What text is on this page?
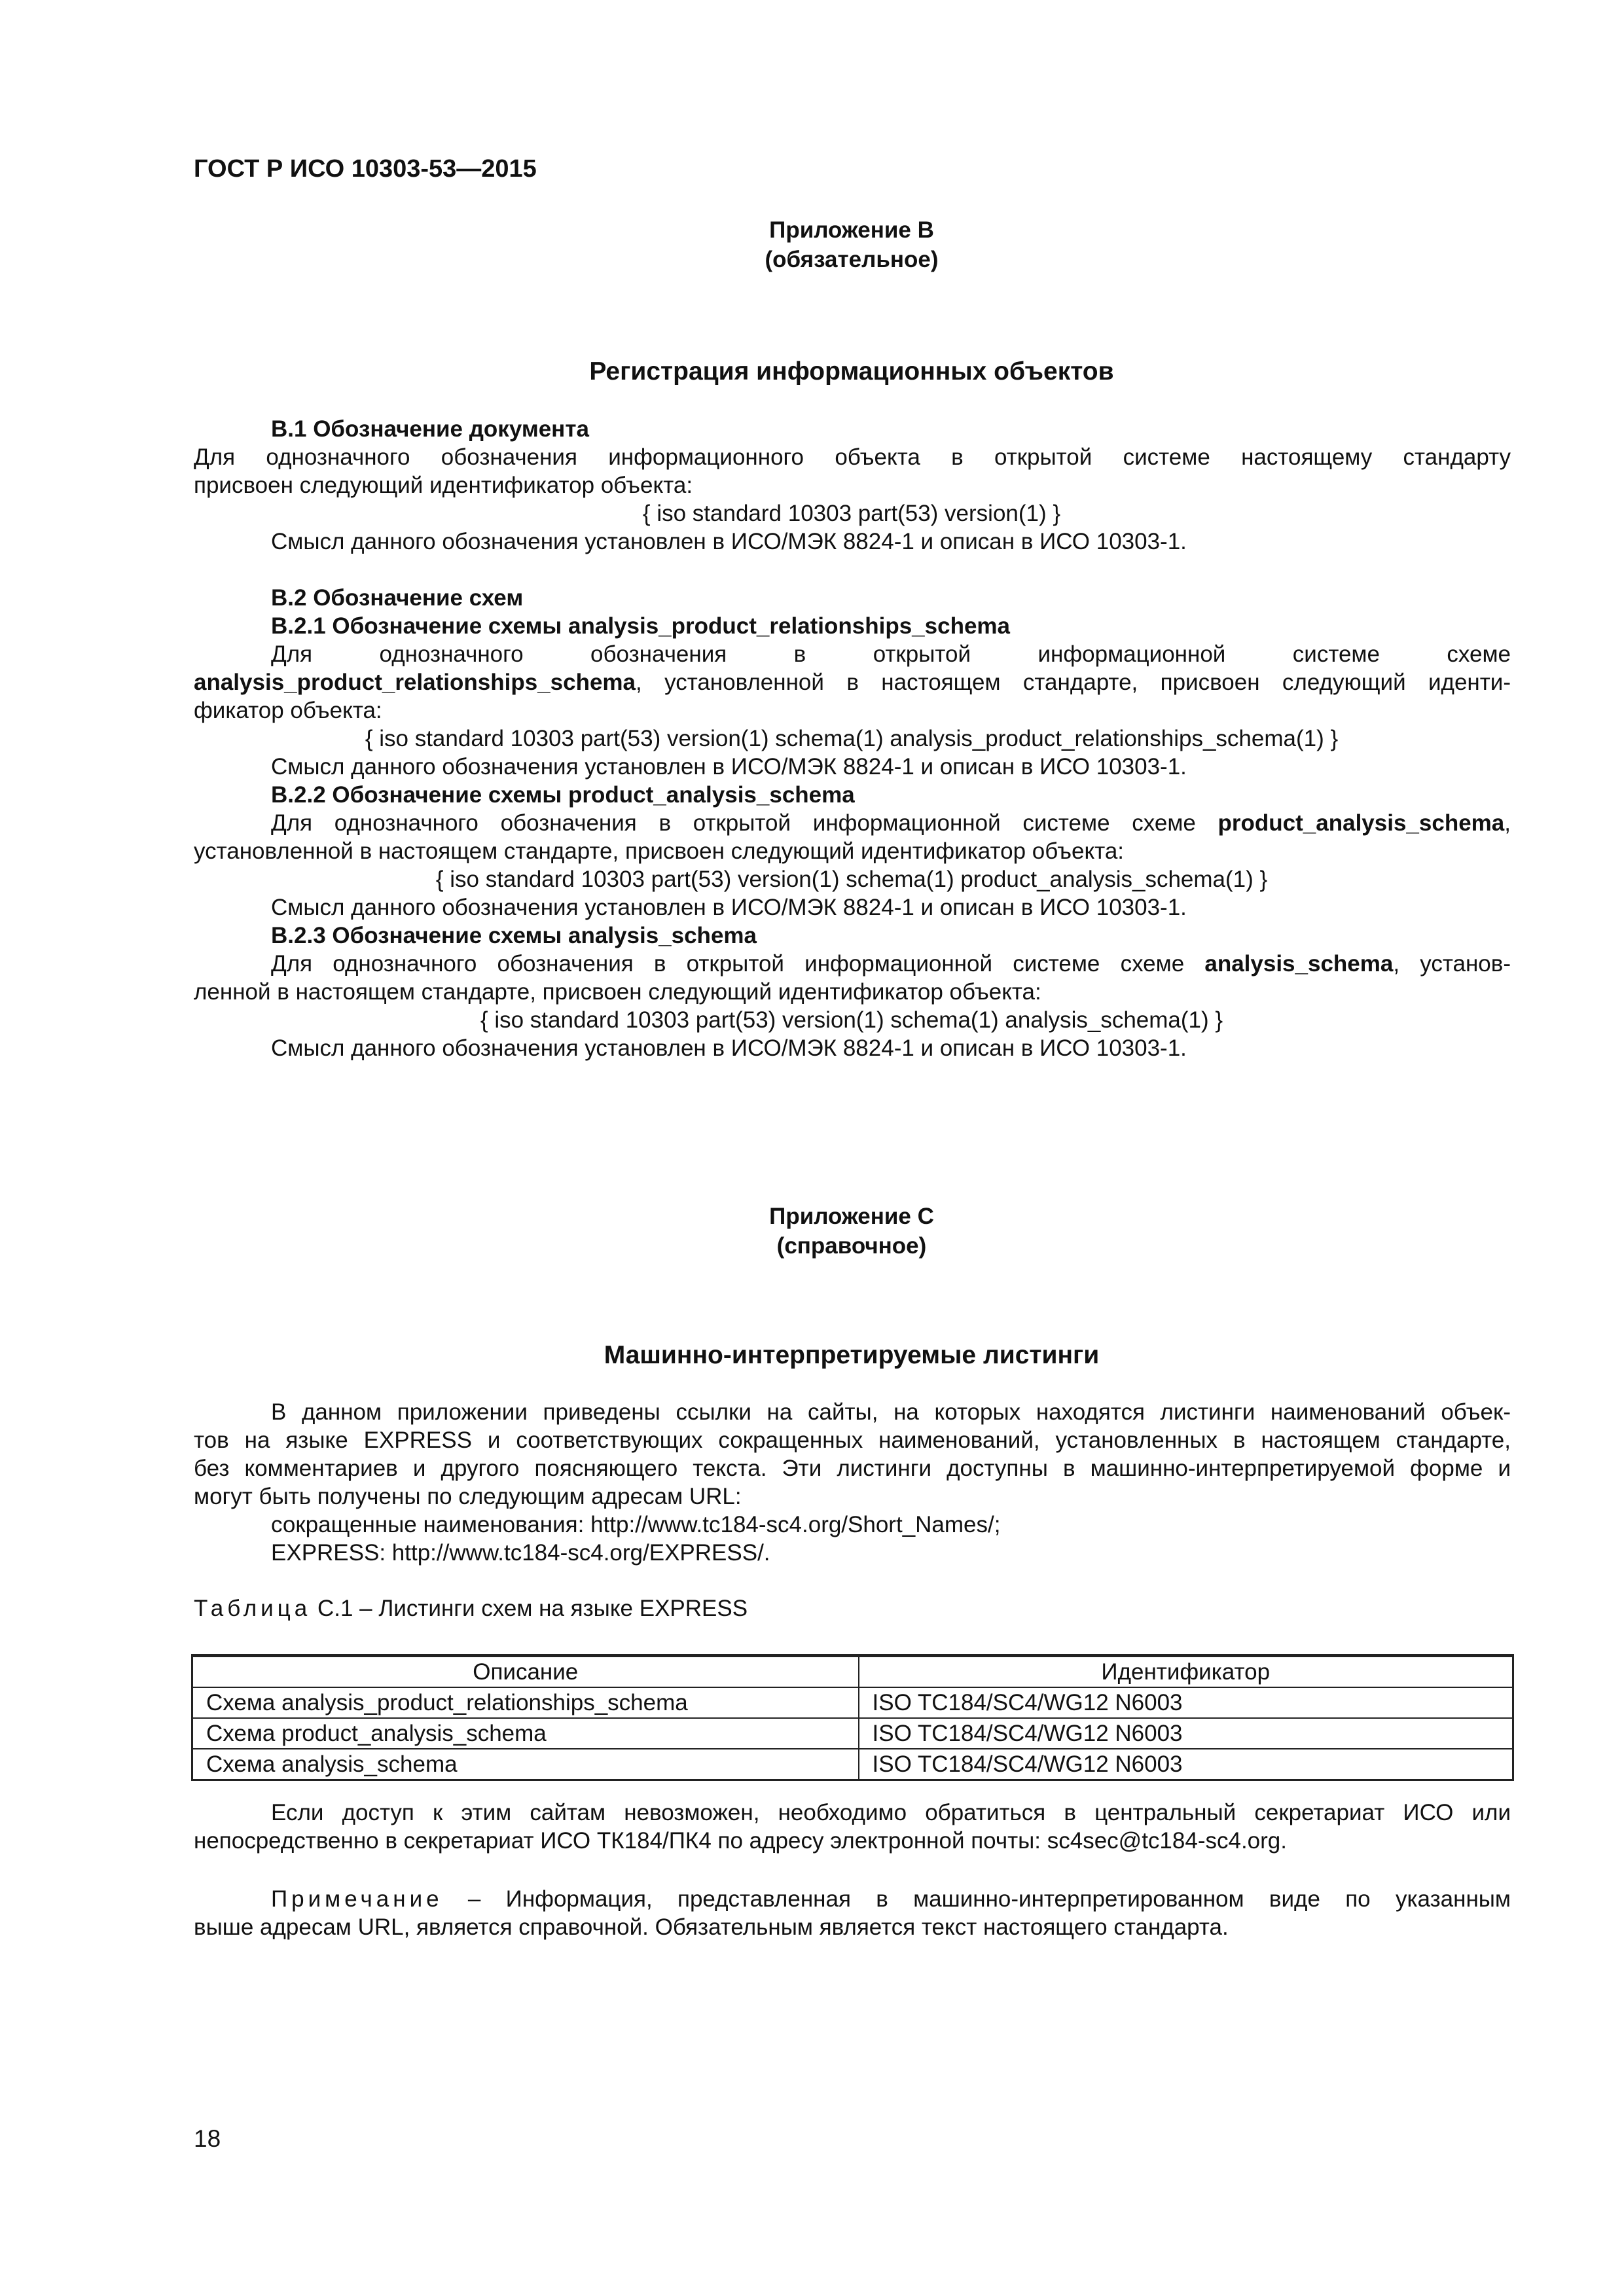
ГОСТ Р ИСО 10303-53—2015
Приложение В
(обязательное)
Регистрация информационных объектов
В.1 Обозначение документа
Для однозначного обозначения информационного объекта в открытой системе настоящему стандарту
присвоен следующий идентификатор объекта:
{ iso standard 10303 part(53) version(1) }
Смысл данного обозначения установлен в ИСО/МЭК 8824-1 и описан в ИСО 10303-1.
В.2 Обозначение схем
В.2.1 Обозначение схемы analysis_product_relationships_schema
Для однозначного обозначения в открытой информационной системе схеме
analysis_product_relationships_schema, установленной в настоящем стандарте, присвоен следующий иденти-
фикатор объекта:
{ iso standard 10303 part(53) version(1) schema(1) analysis_product_relationships_schema(1) }
Смысл данного обозначения установлен в ИСО/МЭК 8824-1 и описан в ИСО 10303-1.
В.2.2 Обозначение схемы product_analysis_schema
Для однозначного обозначения в открытой информационной системе схеме product_analysis_schema,
установленной в настоящем стандарте, присвоен следующий идентификатор объекта:
{ iso standard 10303 part(53) version(1) schema(1) product_analysis_schema(1) }
Смысл данного обозначения установлен в ИСО/МЭК 8824-1 и описан в ИСО 10303-1.
В.2.3 Обозначение схемы analysis_schema
Для однозначного обозначения в открытой информационной системе схеме analysis_schema, установ-
ленной в настоящем стандарте, присвоен следующий идентификатор объекта:
{ iso standard 10303 part(53) version(1) schema(1) analysis_schema(1) }
Смысл данного обозначения установлен в ИСО/МЭК 8824-1 и описан в ИСО 10303-1.
Приложение С
(справочное)
Машинно-интерпретируемые листинги
В данном приложении приведены ссылки на сайты, на которых находятся листинги наименований объек-
тов на языке EXPRESS и соответствующих сокращенных наименований, установленных в настоящем стандарте,
без комментариев и другого поясняющего текста. Эти листинги доступны в машинно-интерпретируемой форме и
могут быть получены по следующим адресам URL:
сокращенные наименования: http://www.tc184-sc4.org/Short_Names/;
EXPRESS: http://www.tc184-sc4.org/EXPRESS/.
Таблица С.1 – Листинги схем на языке EXPRESS
Описание	Идентификатор
Схема analysis_product_relationships_schema	ISO TC184/SC4/WG12 N6003
Схема product_analysis_schema	ISO TC184/SC4/WG12 N6003
Схема analysis_schema	ISO TC184/SC4/WG12 N6003
Если доступ к этим сайтам невозможен, необходимо обратиться в центральный секретариат ИСО или
непосредственно в секретариат ИСО ТК184/ПК4 по адресу электронной почты: sc4sec@tc184-sc4.org.
Примечание – Информация, представленная в машинно-интерпретированном виде по указанным
выше адресам URL, является справочной. Обязательным является текст настоящего стандарта.
18
